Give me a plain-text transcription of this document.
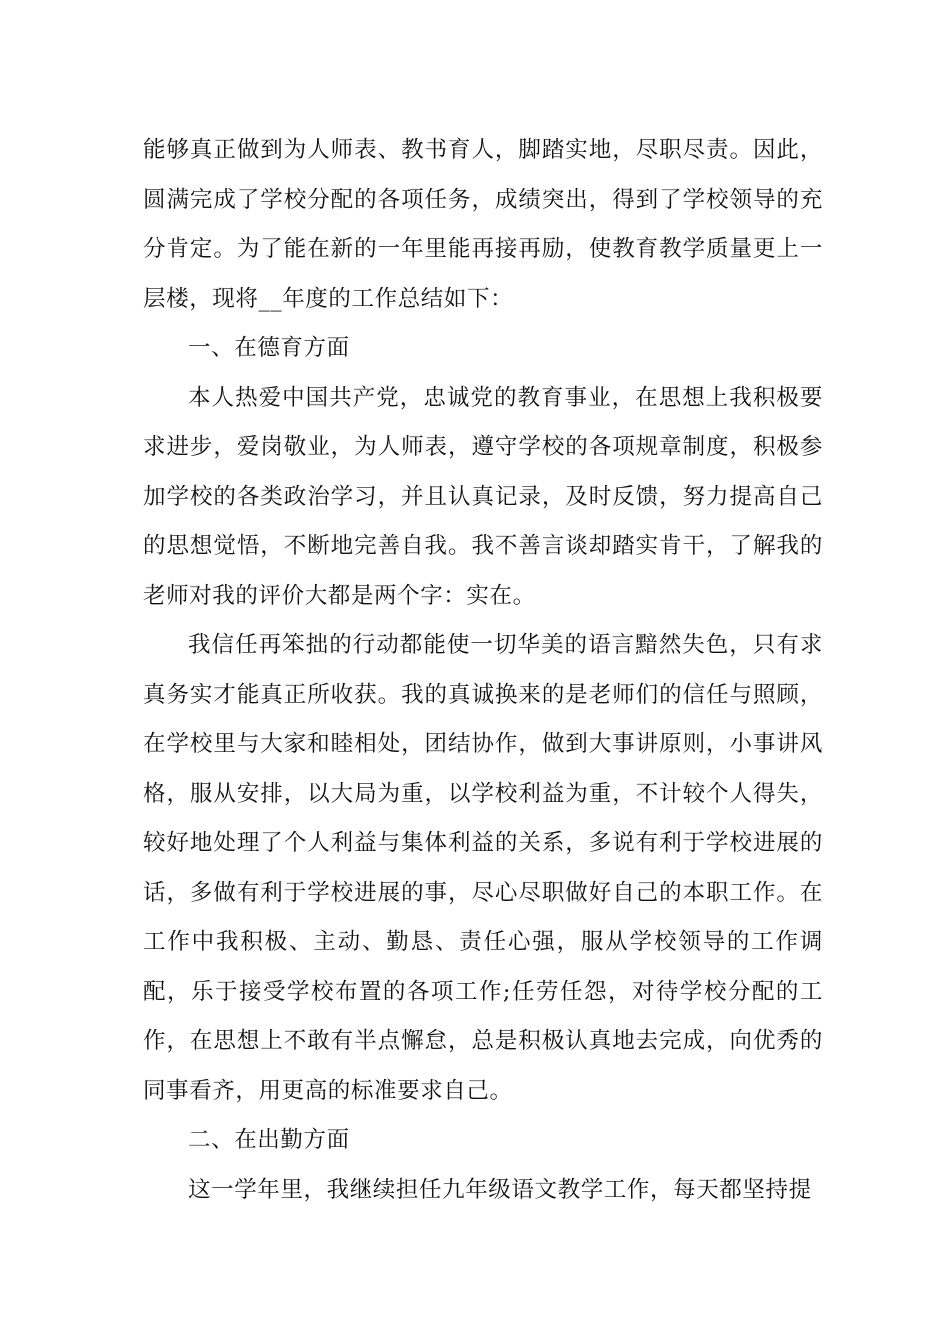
能够真正做到为人师表、教书育人，脚踏实地，尽职尽责。因此，圆满完成了学校分配的各项任务，成绩突出，得到了学校领导的充分肯定。为了能在新的一年里能再接再励，使教育教学质量更上一层楼，现将__年度的工作总结如下：

一、在德育方面

本人热爱中国共产党，忠诚党的教育事业，在思想上我积极要求进步，爱岗敬业，为人师表，遵守学校的各项规章制度，积极参加学校的各类政治学习，并且认真记录，及时反馈，努力提高自己的思想觉悟，不断地完善自我。我不善言谈却踏实肯干，了解我的老师对我的评价大都是两个字：实在。

我信任再笨拙的行动都能使一切华美的语言黯然失色，只有求真务实才能真正所收获。我的真诚换来的是老师们的信任与照顾，在学校里与大家和睦相处，团结协作，做到大事讲原则，小事讲风格，服从安排，以大局为重，以学校利益为重，不计较个人得失，较好地处理了个人利益与集体利益的关系，多说有利于学校进展的话，多做有利于学校进展的事，尽心尽职做好自己的本职工作。在工作中我积极、主动、勤恳、责任心强，服从学校领导的工作调配，乐于接受学校布置的各项工作;任劳任怨，对待学校分配的工作，在思想上不敢有半点懈怠，总是积极认真地去完成，向优秀的同事看齐，用更高的标准要求自己。

二、在出勤方面

这一学年里，我继续担任九年级语文教学工作，每天都坚持提
